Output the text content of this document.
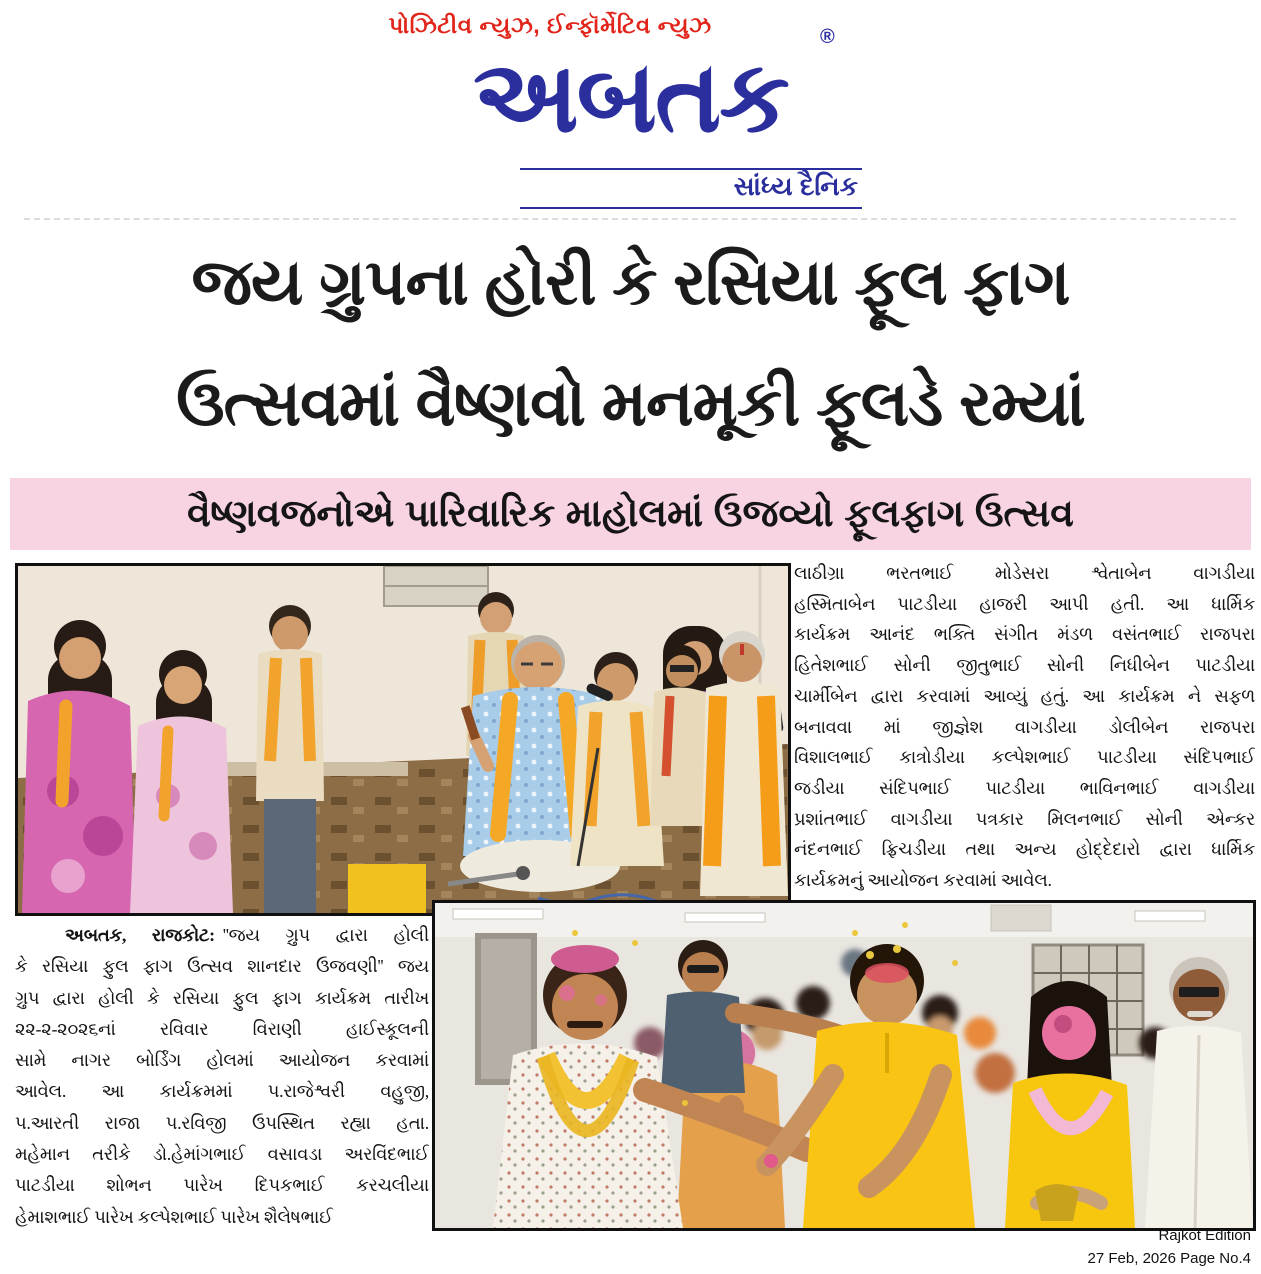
પોઝિટીવ ન્યુઝ, ઈન્ફૉર્મેટિવ ન્યુઝ
અબતક
®
સાંધ્ય દૈનિક
જય ગ્રુપના હોરી કે રસિયા ફૂલ ફાગ
ઉત્સવમાં વૈષ્ણવો મનમૂકી ફૂલડે રમ્યાં
વૈષ્ણવજનોએ પારિવારિક માહોલમાં ઉજવ્યો ફૂલફાગ ઉત્સવ
લાઠીગ્રા ભરતભાઈ મોડેસરા શ્વેતાબેન વાગડીયા
હસ્મિતાબેન પાટડીયા હાજરી આપી હતી. આ ધાર્મિક
કાર્યક્રમ આનંદ ભક્તિ સંગીત મંડળ વસંતભાઈ રાજપરા
હિતેશભાઈ સોની જીતુભાઈ સોની નિધીબેન પાટડીયા
ચાર્મીબેન દ્વારા કરવામાં આવ્યું હતું. આ કાર્યક્રમ ને સફળ
બનાવવા માં જીજ્ઞેશ વાગડીયા ડોલીબેન રાજપરા
વિશાલભાઈ કાત્રોડીયા કલ્પેશભાઈ પાટડીયા સંદિપભાઈ
જડીયા સંદિપભાઈ પાટડીયા ભાવિનભાઈ વાગડીયા
પ્રશાંતભાઈ વાગડીયા પત્રકાર મિલનભાઈ સોની એન્કર
નંદનભાઈ ફ્રિચડીયા તથા અન્ય હોદ્દેદારો દ્વારા ધાર્મિક
કાર્યક્રમનું આયોજન કરવામાં આવેલ.
અબતક, રાજકોટ: ''જય ગ્રુપ દ્વારા હોલી
કે રસિયા ફુલ ફાગ ઉત્સવ શાનદાર ઉજવણી'' જય
ગ્રુપ દ્વારા હોલી કે રસિયા ફુલ ફાગ કાર્યક્રમ તારીખ
૨૨-૨-૨૦૨૬નાં રવિવાર વિરાણી હાઈસ્કૂલની
સામે નાગર બોર્ડિંગ હોલમાં આયોજન કરવામાં
આવેલ. આ કાર્યક્રમમાં પ.રાજેશ્વરી વહુજી,
પ.આરતી રાજા પ.રવિજી ઉપસ્થિત રહ્યા હતા.
મહેમાન તરીકે ડો.હેમાંગભાઈ વસાવડા અરવિંદભાઈ
પાટડીયા શોભન પારેખ દિપકભાઈ કરચલીયા
હેમાશભાઈ પારેખ કલ્પેશભાઈ પારેખ શૈલેષભાઈ
Rajkot Edition
27 Feb, 2026 Page No.4
